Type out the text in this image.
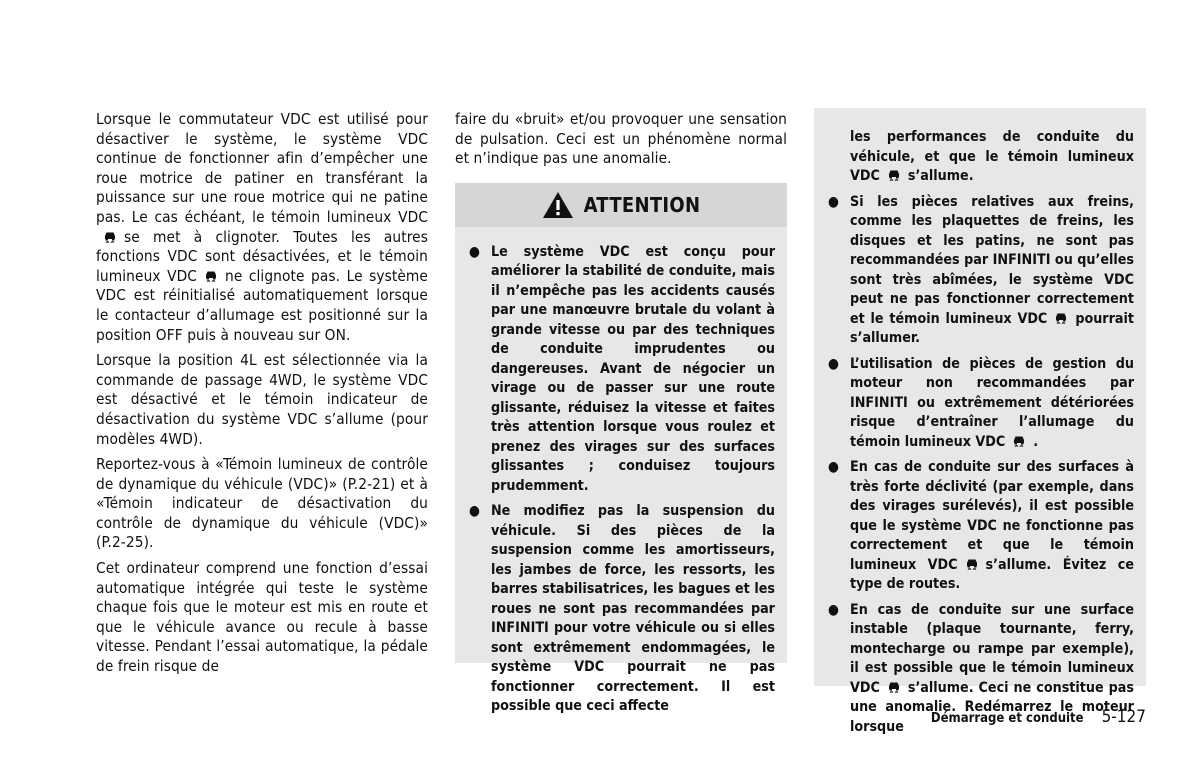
Lorsque le commutateur VDC est utilisé pour désactiver le système, le système VDC continue de fonctionner afin d’empêcher une roue motrice de patiner en transférant la puissance sur une roue motrice qui ne patine pas. Le cas échéant, le témoin lumineux VDCse met à clignoter. Toutes les autres fonctions VDC sont désactivées, et le témoin lumineux VDC ne clignote pas. Le système VDC est réinitialisé automatiquement lorsque le contacteur d’allumage est positionné sur la position OFF puis à nouveau sur ON.

Lorsque la position 4L est sélectionnée via la commande de passage 4WD, le système VDC est désactivé et le témoin indicateur de désactivation du système VDC s’allume (pour modèles 4WD).

Reportez-vous à «Témoin lumineux de contrôle de dynamique du véhicule (VDC)» (P.2-21) et à «Témoin indicateur de désactivation du contrôle de dynamique du véhicule (VDC)» (P.2-25).

Cet ordinateur comprend une fonction d’essai automatique intégrée qui teste le système chaque fois que le moteur est mis en route et que le véhicule avance ou recule à basse vitesse. Pendant l’essai automatique, la pédale de frein risque de

faire du «bruit» et/ou provoquer une sensation de pulsation. Ceci est un phénomène normal et n’indique pas une anomalie.

ATTENTION
● Le système VDC est conçu pour améliorer la stabilité de conduite, mais il n’empêche pas les accidents causés par une manœuvre brutale du volant à grande vitesse ou par des techniques de conduite imprudentes ou dangereuses. Avant de négocier un virage ou de passer sur une route glissante, réduisez la vitesse et faites très attention lorsque vous roulez et prenez des virages sur des surfaces glissantes ; conduisez toujours prudemment.
● Ne modifiez pas la suspension du véhicule. Si des pièces de la suspension comme les amortisseurs, les jambes de force, les ressorts, les barres stabilisatrices, les bagues et les roues ne sont pas recommandées par INFINITI pour votre véhicule ou si elles sont extrêmement endommagées, le système VDC pourrait ne pas fonctionner correctement. Il est possible que ceci affecte

les performances de conduite du véhicule, et que le témoin lumineux VDC s’allume.

● Si les pièces relatives aux freins, comme les plaquettes de freins, les disques et les patins, ne sont pas recommandées par INFINITI ou qu’elles sont très abîmées, le système VDC peut ne pas fonctionner correctement et le témoin lumineux VDC pourrait s’allumer.
● L’utilisation de pièces de gestion du moteur non recommandées par INFINITI ou extrêmement détériorées risque d’entraîner l’allumage du témoin lumineux VDC .
● En cas de conduite sur des surfaces à très forte déclivité (par exemple, dans des virages surélevés), il est possible que le système VDC ne fonctionne pas correctement et que le témoin lumineux VDC s’allume. Évitez ce type de routes.
● En cas de conduite sur une surface instable (plaque tournante, ferry, montecharge ou rampe par exemple), il est possible que le témoin lumineux VDC s’allume. Ceci ne constitue pas une anomalie. Redémarrez le moteur lorsque	Démarrage et conduite 5-127
